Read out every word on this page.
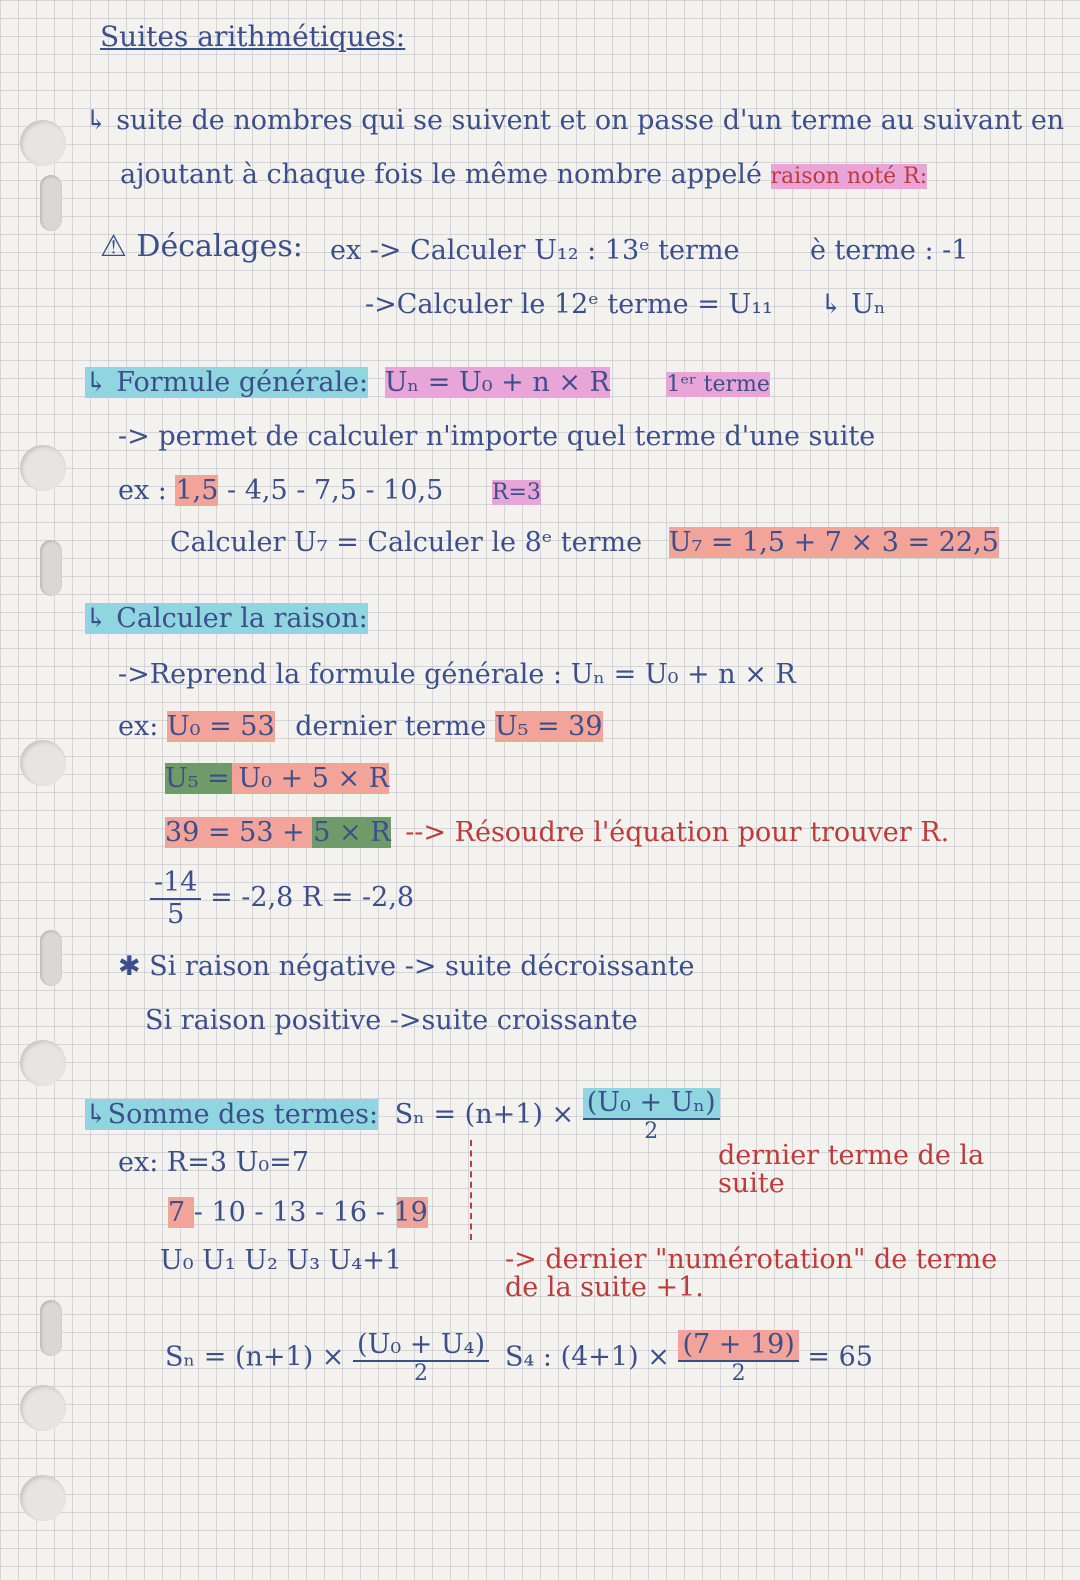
Suites arithmétiques:
↳ suite de nombres qui se suivent et on passe d'un terme au suivant en
ajoutant à chaque fois le même nombre appelé raison noté R:
⚠ Décalages: ex -> Calculer U₁₂ : 13ᵉ terme
->Calculer le 12ᵉ terme = U₁₁
è terme : -1
↳ Uₙ
↳ Formule générale: Uₙ = U₀ + n × R	1ᵉʳ terme
-> permet de calculer n'importe quel terme d'une suite
ex : 1,5 - 4,5 - 7,5 - 10,5 R=3
Calculer U₇ = Calculer le 8ᵉ terme U₇ = 1,5 + 7 × 3 = 22,5
↳ Calculer la raison:
->Reprend la formule générale : Uₙ = U₀ + n × R
ex: U₀ = 53 dernier terme U₅ = 39
U₅ = U₀ + 5 × R
39 = 53 + 5 × R --> Résoudre l'équation pour trouver R.
$\frac{-14}{5} = -2,8$ R = -2,8
✱ Si raison négative -> suite décroissante
Si raison positive ->suite croissante
↳Somme des termes: $S_n = (n+1) \times \frac{\text{(U₀ + Uₙ)}}{2}$
dernier terme de la suite
ex: R=3 U₀=7
7 - 10 - 13 - 16 - 19
U₀ U₁ U₂ U₃ U₄+1	-> dernier "numérotation" de terme de la suite +1.
$S_n = (n+1) \times \frac{\text{(U₀ + U₄)}}{2} S_4$ : $(4+1) \times \frac{(7 + 19)}{2} = 65$
